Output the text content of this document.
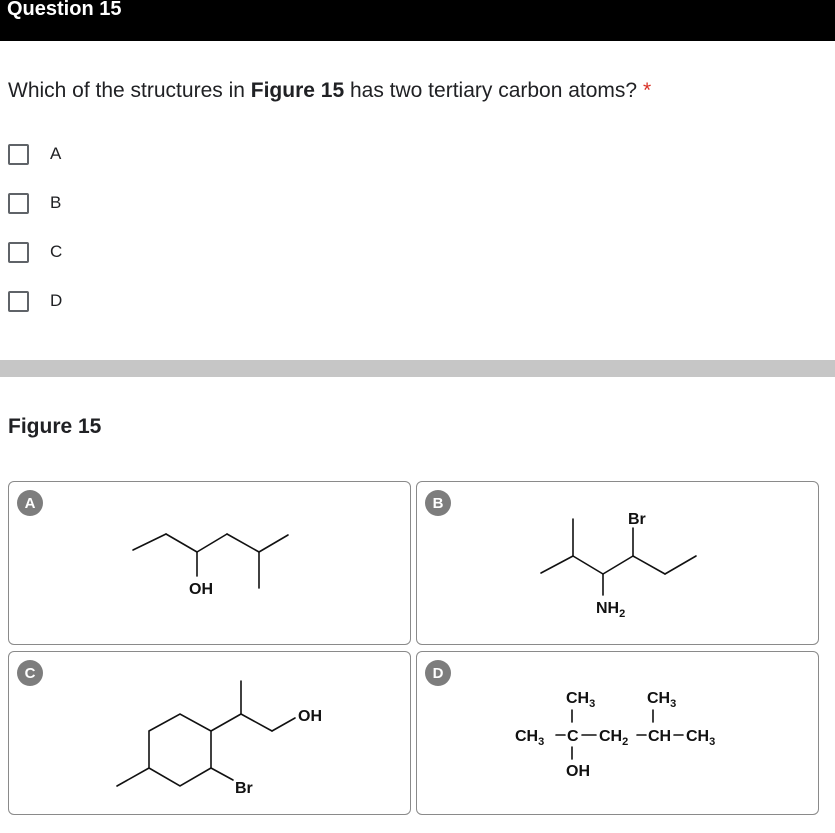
Question 15
Which of the structures in Figure 15 has two tertiary carbon atoms? *
A
B
C
D
Figure 15
OH
A
Br
$NH_2$
B
OH
Br
C
$CH_3$	$CH_3$
$CH_3$ C $CH_2$ CH $CH_3$
OH
D
